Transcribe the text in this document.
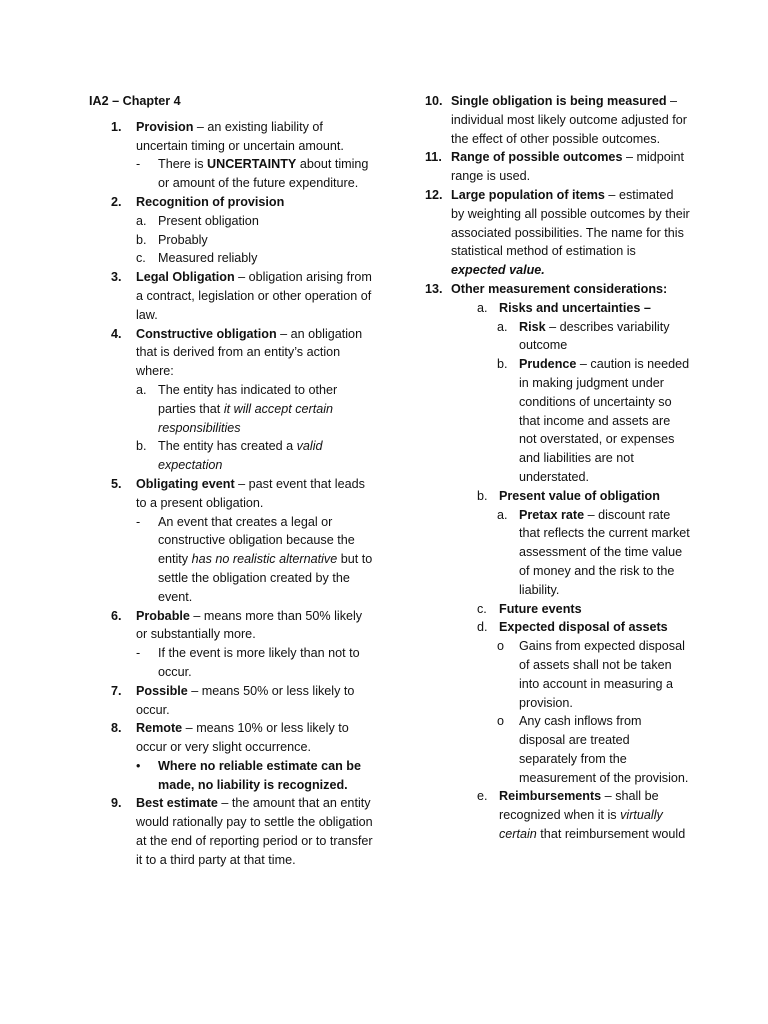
IA2 – Chapter 4
1. Provision – an existing liability of uncertain timing or uncertain amount.
- There is UNCERTAINTY about timing or amount of the future expenditure.
2. Recognition of provision
a. Present obligation
b. Probably
c. Measured reliably
3. Legal Obligation – obligation arising from a contract, legislation or other operation of law.
4. Constructive obligation – an obligation that is derived from an entity’s action where:
a. The entity has indicated to other parties that it will accept certain responsibilities
b. The entity has created a valid expectation
5. Obligating event – past event that leads to a present obligation.
- An event that creates a legal or constructive obligation because the entity has no realistic alternative but to settle the obligation created by the event.
6. Probable – means more than 50% likely or substantially more.
- If the event is more likely than not to occur.
7. Possible – means 50% or less likely to occur.
8. Remote – means 10% or less likely to occur or very slight occurrence.
• Where no reliable estimate can be made, no liability is recognized.
9. Best estimate – the amount that an entity would rationally pay to settle the obligation at the end of reporting period or to transfer it to a third party at that time.
10. Single obligation is being measured – individual most likely outcome adjusted for the effect of other possible outcomes.
11. Range of possible outcomes – midpoint range is used.
12. Large population of items – estimated by weighting all possible outcomes by their associated possibilities. The name for this statistical method of estimation is expected value.
13. Other measurement considerations:
a. Risks and uncertainties –
a. Risk – describes variability outcome
b. Prudence – caution is needed in making judgment under conditions of uncertainty so that income and assets are not overstated, or expenses and liabilities are not understated.
b. Present value of obligation
a. Pretax rate – discount rate that reflects the current market assessment of the time value of money and the risk to the liability.
c. Future events
d. Expected disposal of assets
o Gains from expected disposal of assets shall not be taken into account in measuring a provision.
o Any cash inflows from disposal are treated separately from the measurement of the provision.
e. Reimbursements – shall be recognized when it is virtually certain that reimbursement would
